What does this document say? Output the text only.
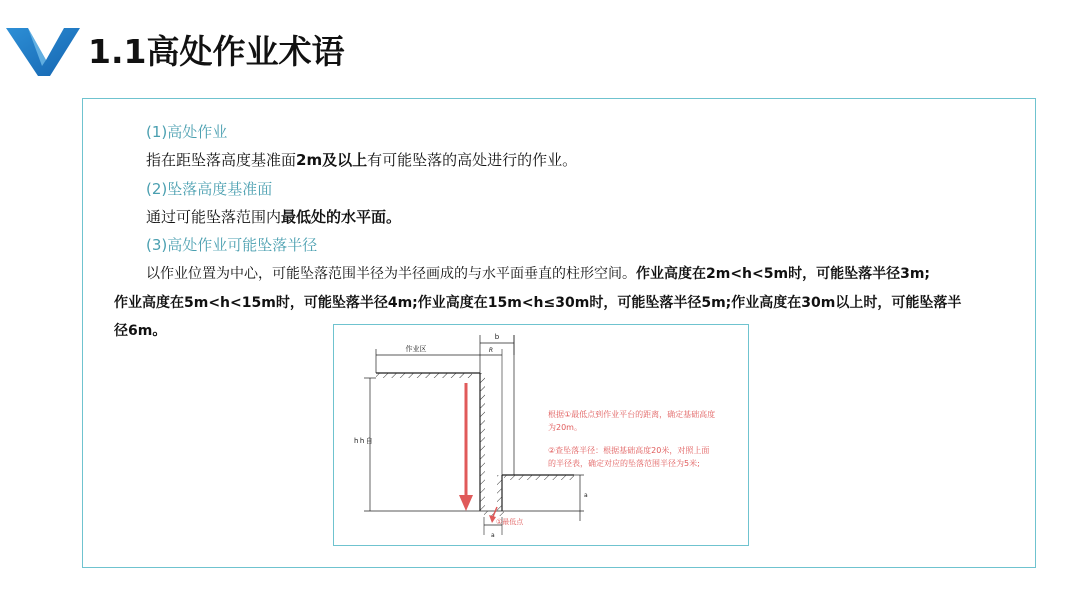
1.1高处作业术语
(1)高处作业
指在距坠落高度基准面2m及以上有可能坠落的高处进行的作业。
(2)坠落高度基准面
通过可能坠落范围内最低处的水平面。
(3)高处作业可能坠落半径
以作业位置为中心，可能坠落范围半径为半径画成的与水平面垂直的柱形空间。作业高度在2m<h<5m时，可能坠落半径3m;
作业高度在5m<h<15m时，可能坠落半径4m;作业高度在15m<h≤30m时，可能坠落半径5m;作业高度在30m以上时，可能坠落半
径6m。
作业区
b
R
h h 自
a
a
①最低点
根据①最低点到作业平台的距离，确定基础高度
为20m。
②查坠落半径：根据基础高度20米，对照上面
的半径表，确定对应的坠落范围半径为5米;
